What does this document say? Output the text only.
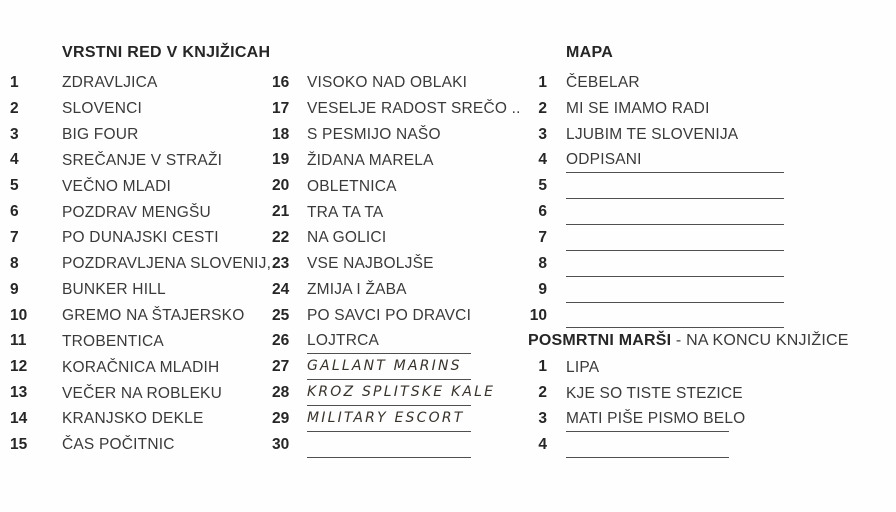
VRSTNI RED V KNJIŽICAH	MAPA
1	ZDRAVLJICA
2	SLOVENCI
3	BIG FOUR
4	SREČANJE V STRAŽI
5	VEČNO MLADI
6	POZDRAV MENGŠU
7	PO DUNAJSKI CESTI
8	POZDRAVLJENA SLOVENIJ,
9	BUNKER HILL
10	GREMO NA ŠTAJERSKO
11	TROBENTICA
12	KORAČNICA MLADIH
13	VEČER NA ROBLEKU
14	KRANJSKO DEKLE
15	ČAS POČITNIC
16	VISOKO NAD OBLAKI
17	VESELJE RADOST SREČO ..
18	S PESMIJO NAŠO
19	ŽIDANA MARELA
20	OBLETNICA
21	TRA TA TA
22	NA GOLICI
23	VSE NAJBOLJŠE
24	ZMIJA I ŽABA
25	PO SAVCI PO DRAVCI
26	LOJTRCA
27	GALLANT MARINS
28	KROZ SPLITSKE KALE
29	MILITARY ESCORT
30
1 ČEBELAR
2 MI SE IMAMO RADI
3 LJUBIM TE SLOVENIJA
4 ODPISANI
5
6
7
8
9
10
POSMRTNI MARŠI - NA KONCU KNJIŽICE
1 LIPA
2 KJE SO TISTE STEZICE
3 MATI PIŠE PISMO BELO
4
